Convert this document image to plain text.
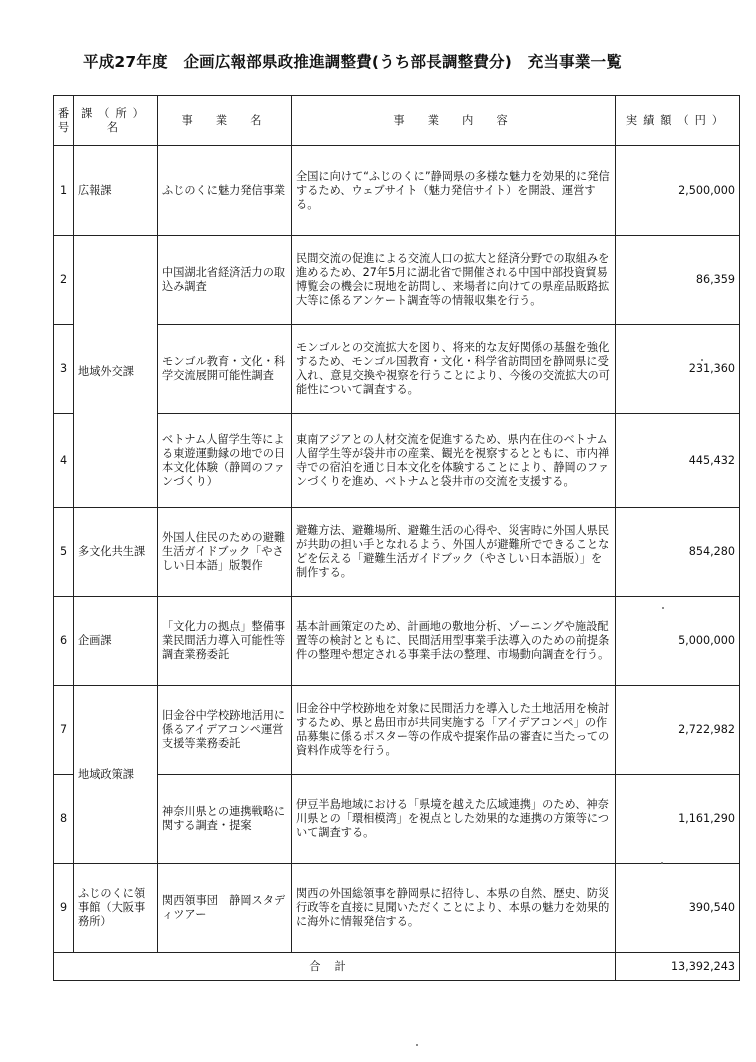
平成27年度　企画広報部県政推進調整費(うち部長調整費分)　充当事業一覧
番号	課（所）名	事　業　名	事　業　内　容	実績額（円）
1	広報課	ふじのくに魅力発信事業	全国に向けて“ふじのくに”静岡県の多様な魅力を効果的に発信するため、ウェブサイト（魅力発信サイト）を開設、運営する。	2,500,000
2	地域外交課	中国湖北省経済活力の取込み調査	民間交流の促進による交流人口の拡大と経済分野での取組みを進めるため、27年5月に湖北省で開催される中国中部投資貿易博覧会の機会に現地を訪問し、来場者に向けての県産品販路拡大等に係るアンケート調査等の情報収集を行う。	86,359
3		モンゴル教育・文化・科学交流展開可能性調査	モンゴルとの交流拡大を図り、将来的な友好関係の基盤を強化するため、モンゴル国教育・文化・科学省訪問団を静岡県に受入れ、意見交換や視察を行うことにより、今後の交流拡大の可能性について調査する。	231,360
4		ベトナム人留学生等による東遊運動縁の地での日本文化体験（静岡のファンづくり）	東南アジアとの人材交流を促進するため、県内在住のベトナム人留学生等が袋井市の産業、観光を視察するとともに、市内禅寺での宿泊を通じ日本文化を体験することにより、静岡のファンづくりを進め、ベトナムと袋井市の交流を支援する。	445,432
5	多文化共生課	外国人住民のための避難生活ガイドブック「やさしい日本語」版製作	避難方法、避難場所、避難生活の心得や、災害時に外国人県民が共助の担い手となれるよう、外国人が避難所でできることなどを伝える「避難生活ガイドブック（やさしい日本語版）」を制作する。	854,280
6	企画課	「文化力の拠点」整備事業民間活力導入可能性等調査業務委託	基本計画策定のため、計画地の敷地分析、ゾーニングや施設配置等の検討とともに、民間活用型事業手法導入のための前提条件の整理や想定される事業手法の整理、市場動向調査を行う。	5,000,000
7	地域政策課	旧金谷中学校跡地活用に係るアイデアコンペ運営支援等業務委託	旧金谷中学校跡地を対象に民間活力を導入した土地活用を検討するため、県と島田市が共同実施する「アイデアコンペ」の作品募集に係るポスター等の作成や提案作品の審査に当たっての資料作成等を行う。	2,722,982
8		神奈川県との連携戦略に関する調査・提案	伊豆半島地域における「県境を越えた広域連携」のため、神奈川県との「環相模湾」を視点とした効果的な連携の方策等について調査する。	1,161,290
9	ふじのくに領事館（大阪事務所）	関西領事団　静岡スタディツアー	関西の外国総領事を静岡県に招待し、本県の自然、歴史、防災行政等を直接に見聞いただくことにより、本県の魅力を効果的に海外に情報発信する。	390,540
合計				13,392,243
